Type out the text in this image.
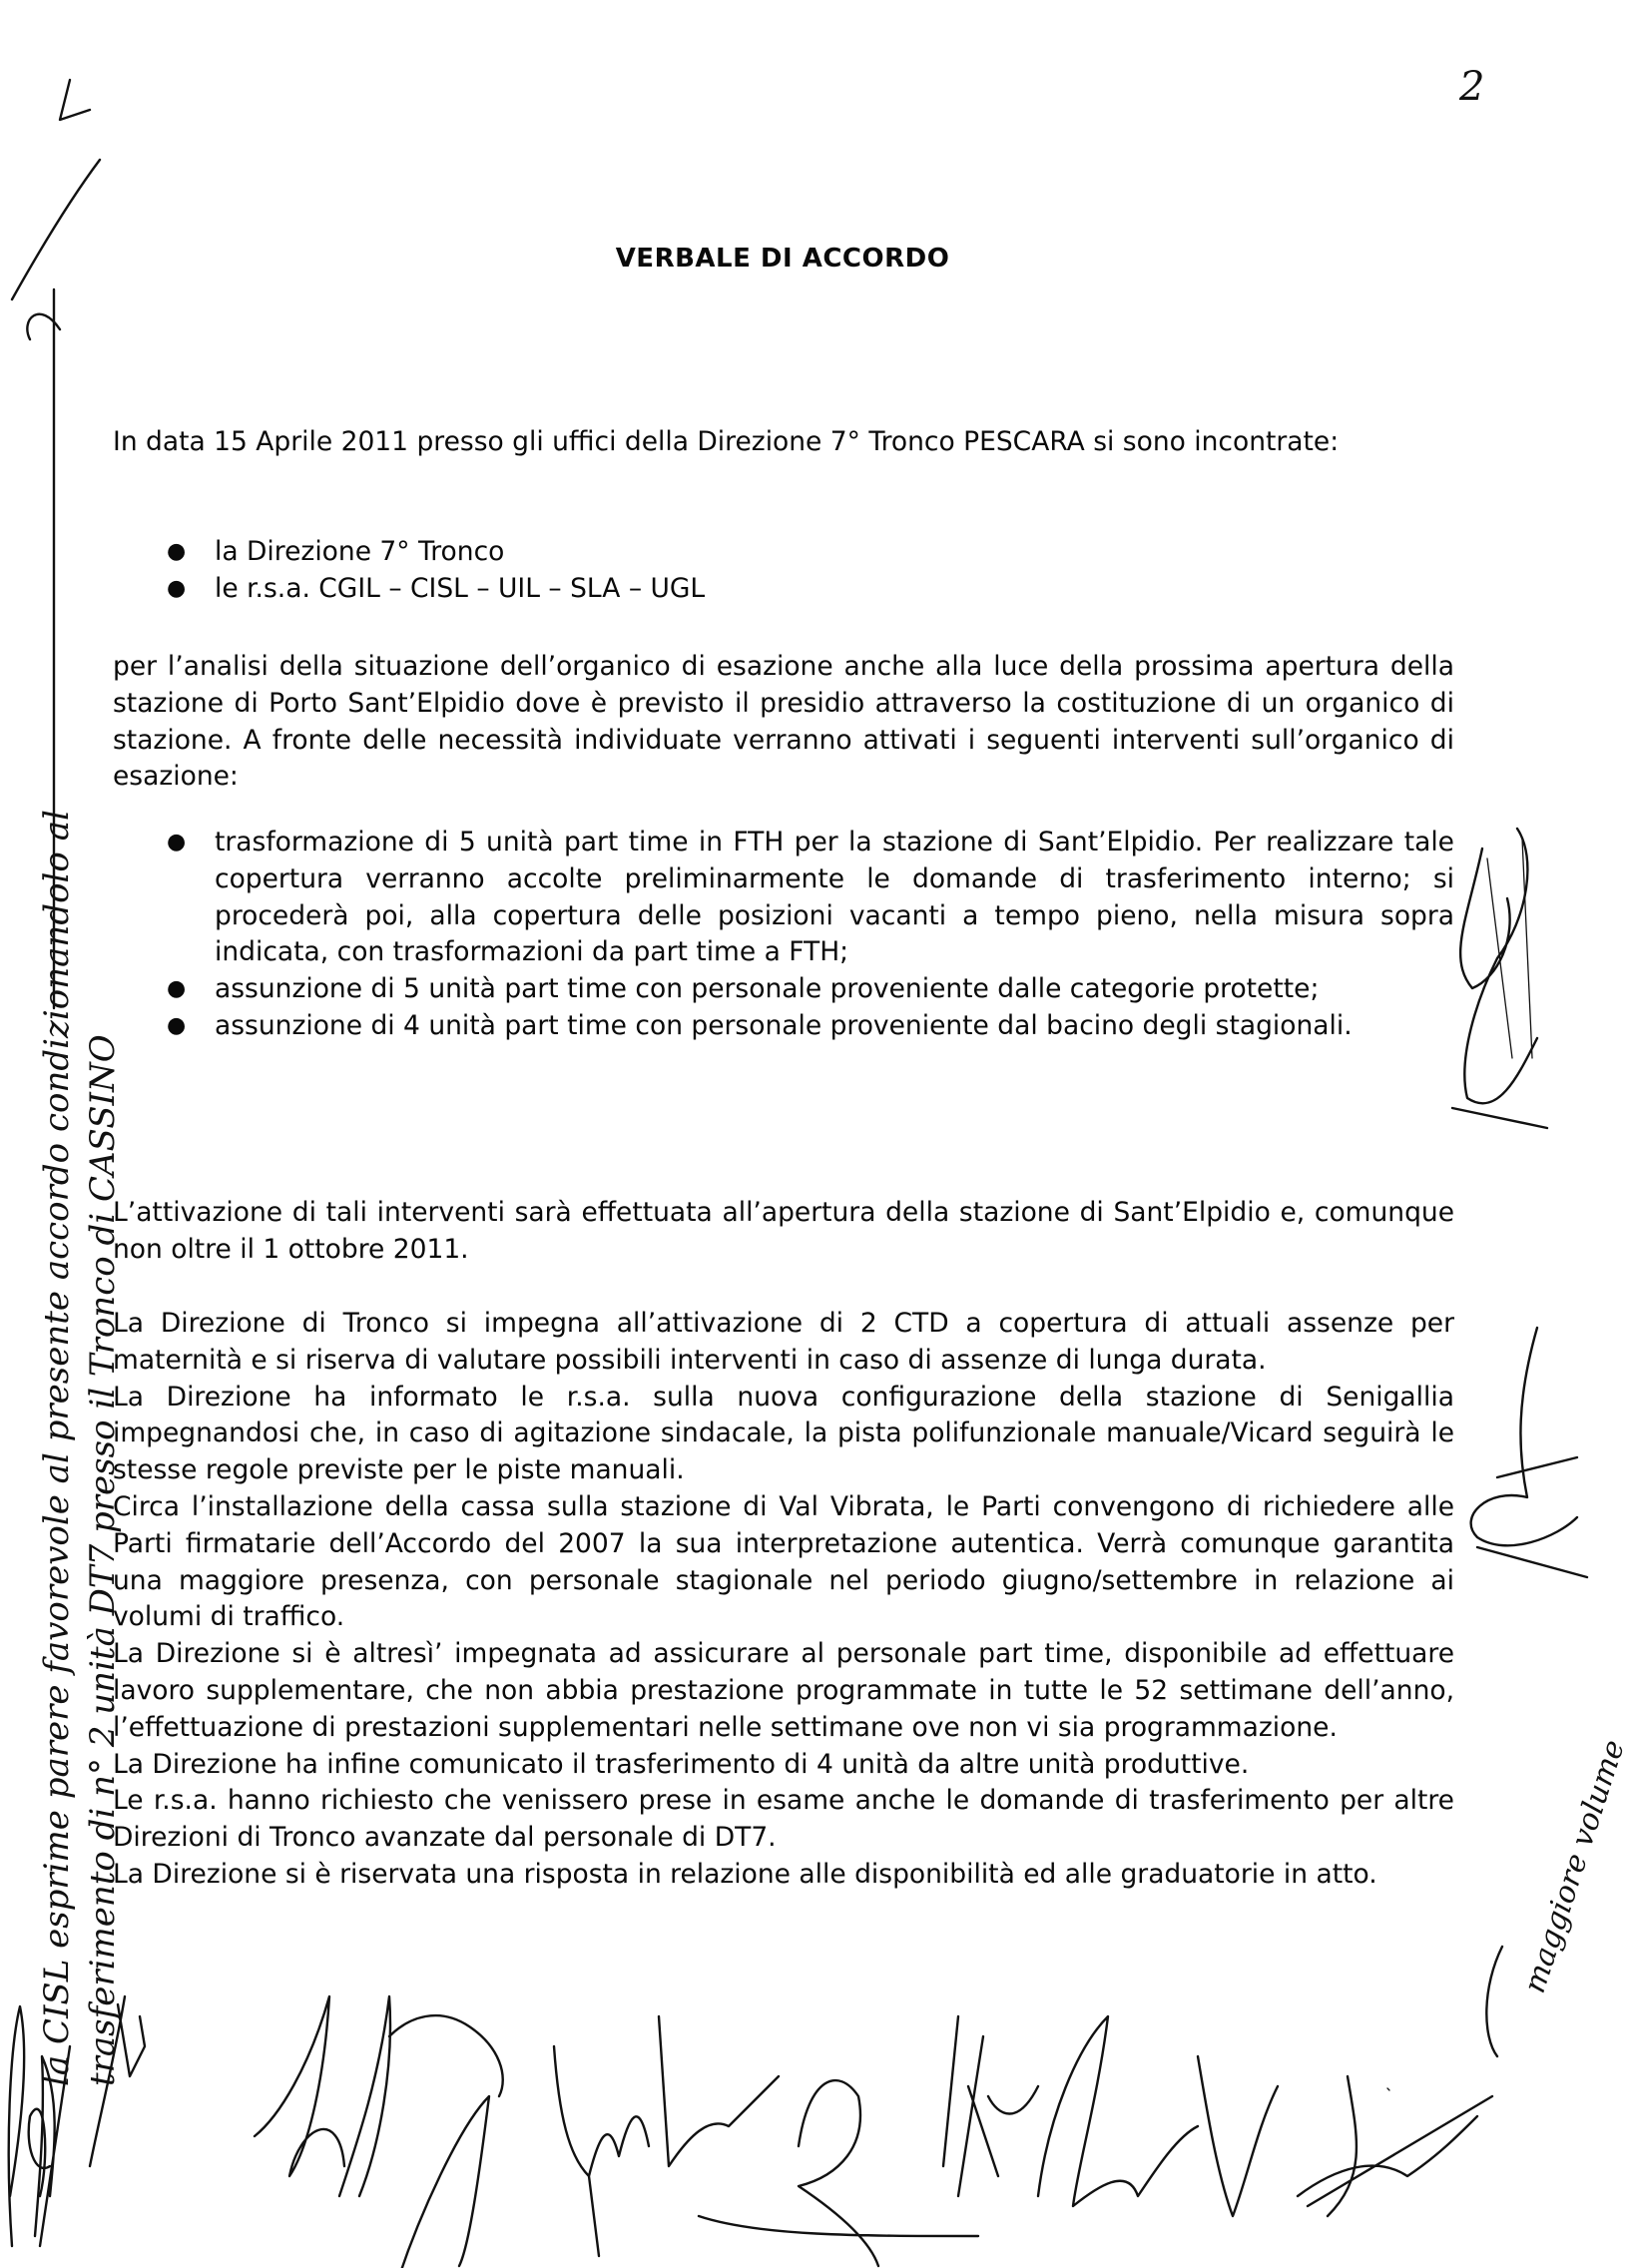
2
VERBALE DI ACCORDO

In data 15 Aprile 2011 presso gli uffici della Direzione 7° Tronco PESCARA si sono incontrate:

● la Direzione 7° Tronco
● le r.s.a. CGIL – CISL – UIL – SLA – UGL

per l’analisi della situazione dell’organico di esazione anche alla luce della prossima apertura della stazione di Porto Sant’Elpidio dove è previsto il presidio attraverso la costituzione di un organico di stazione. A fronte delle necessità individuate verranno attivati i seguenti interventi sull’organico di esazione:

● trasformazione di 5 unità part time in FTH per la stazione di Sant’Elpidio. Per realizzare tale copertura verranno accolte preliminarmente le domande di trasferimento interno; si procederà poi, alla copertura delle posizioni vacanti a tempo pieno, nella misura sopra indicata, con trasformazioni da part time a FTH;
● assunzione di 5 unità part time con personale proveniente dalle categorie protette;
● assunzione di 4 unità part time con personale proveniente dal bacino degli stagionali.

L’attivazione di tali interventi sarà effettuata all’apertura della stazione di Sant’Elpidio e, comunque non oltre il 1 ottobre 2011.

La Direzione di Tronco si impegna all’attivazione di 2 CTD a copertura di attuali assenze per maternità e si riserva di valutare possibili interventi in caso di assenze di lunga durata.

La Direzione ha informato le r.s.a. sulla nuova configurazione della stazione di Senigallia impegnandosi che, in caso di agitazione sindacale, la pista polifunzionale manuale/Vicard seguirà le stesse regole previste per le piste manuali.

Circa l’installazione della cassa sulla stazione di Val Vibrata, le Parti convengono di richiedere alle Parti firmatarie dell’Accordo del 2007 la sua interpretazione autentica. Verrà comunque garantita una maggiore presenza, con personale stagionale nel periodo giugno/settembre in relazione ai volumi di traffico.

La Direzione si è altresì’ impegnata ad assicurare al personale part time, disponibile ad effettuare lavoro supplementare, che non abbia prestazione programmate in tutte le 52 settimane dell’anno, l’effettuazione di prestazioni supplementari nelle settimane ove non vi sia programmazione.

La Direzione ha infine comunicato il trasferimento di 4 unità da altre unità produttive.

Le r.s.a. hanno richiesto che venissero prese in esame anche le domande di trasferimento per altre Direzioni di Tronco avanzate dal personale di DT7.

La Direzione si è riservata una risposta in relazione alle disponibilità ed alle graduatorie in atto.

la CISL esprime parere favorevole al presente accordo condizionandolo al trasferimento di n° 2 unità DT7 presso il Tronco di CASSINO	maggiore volume
